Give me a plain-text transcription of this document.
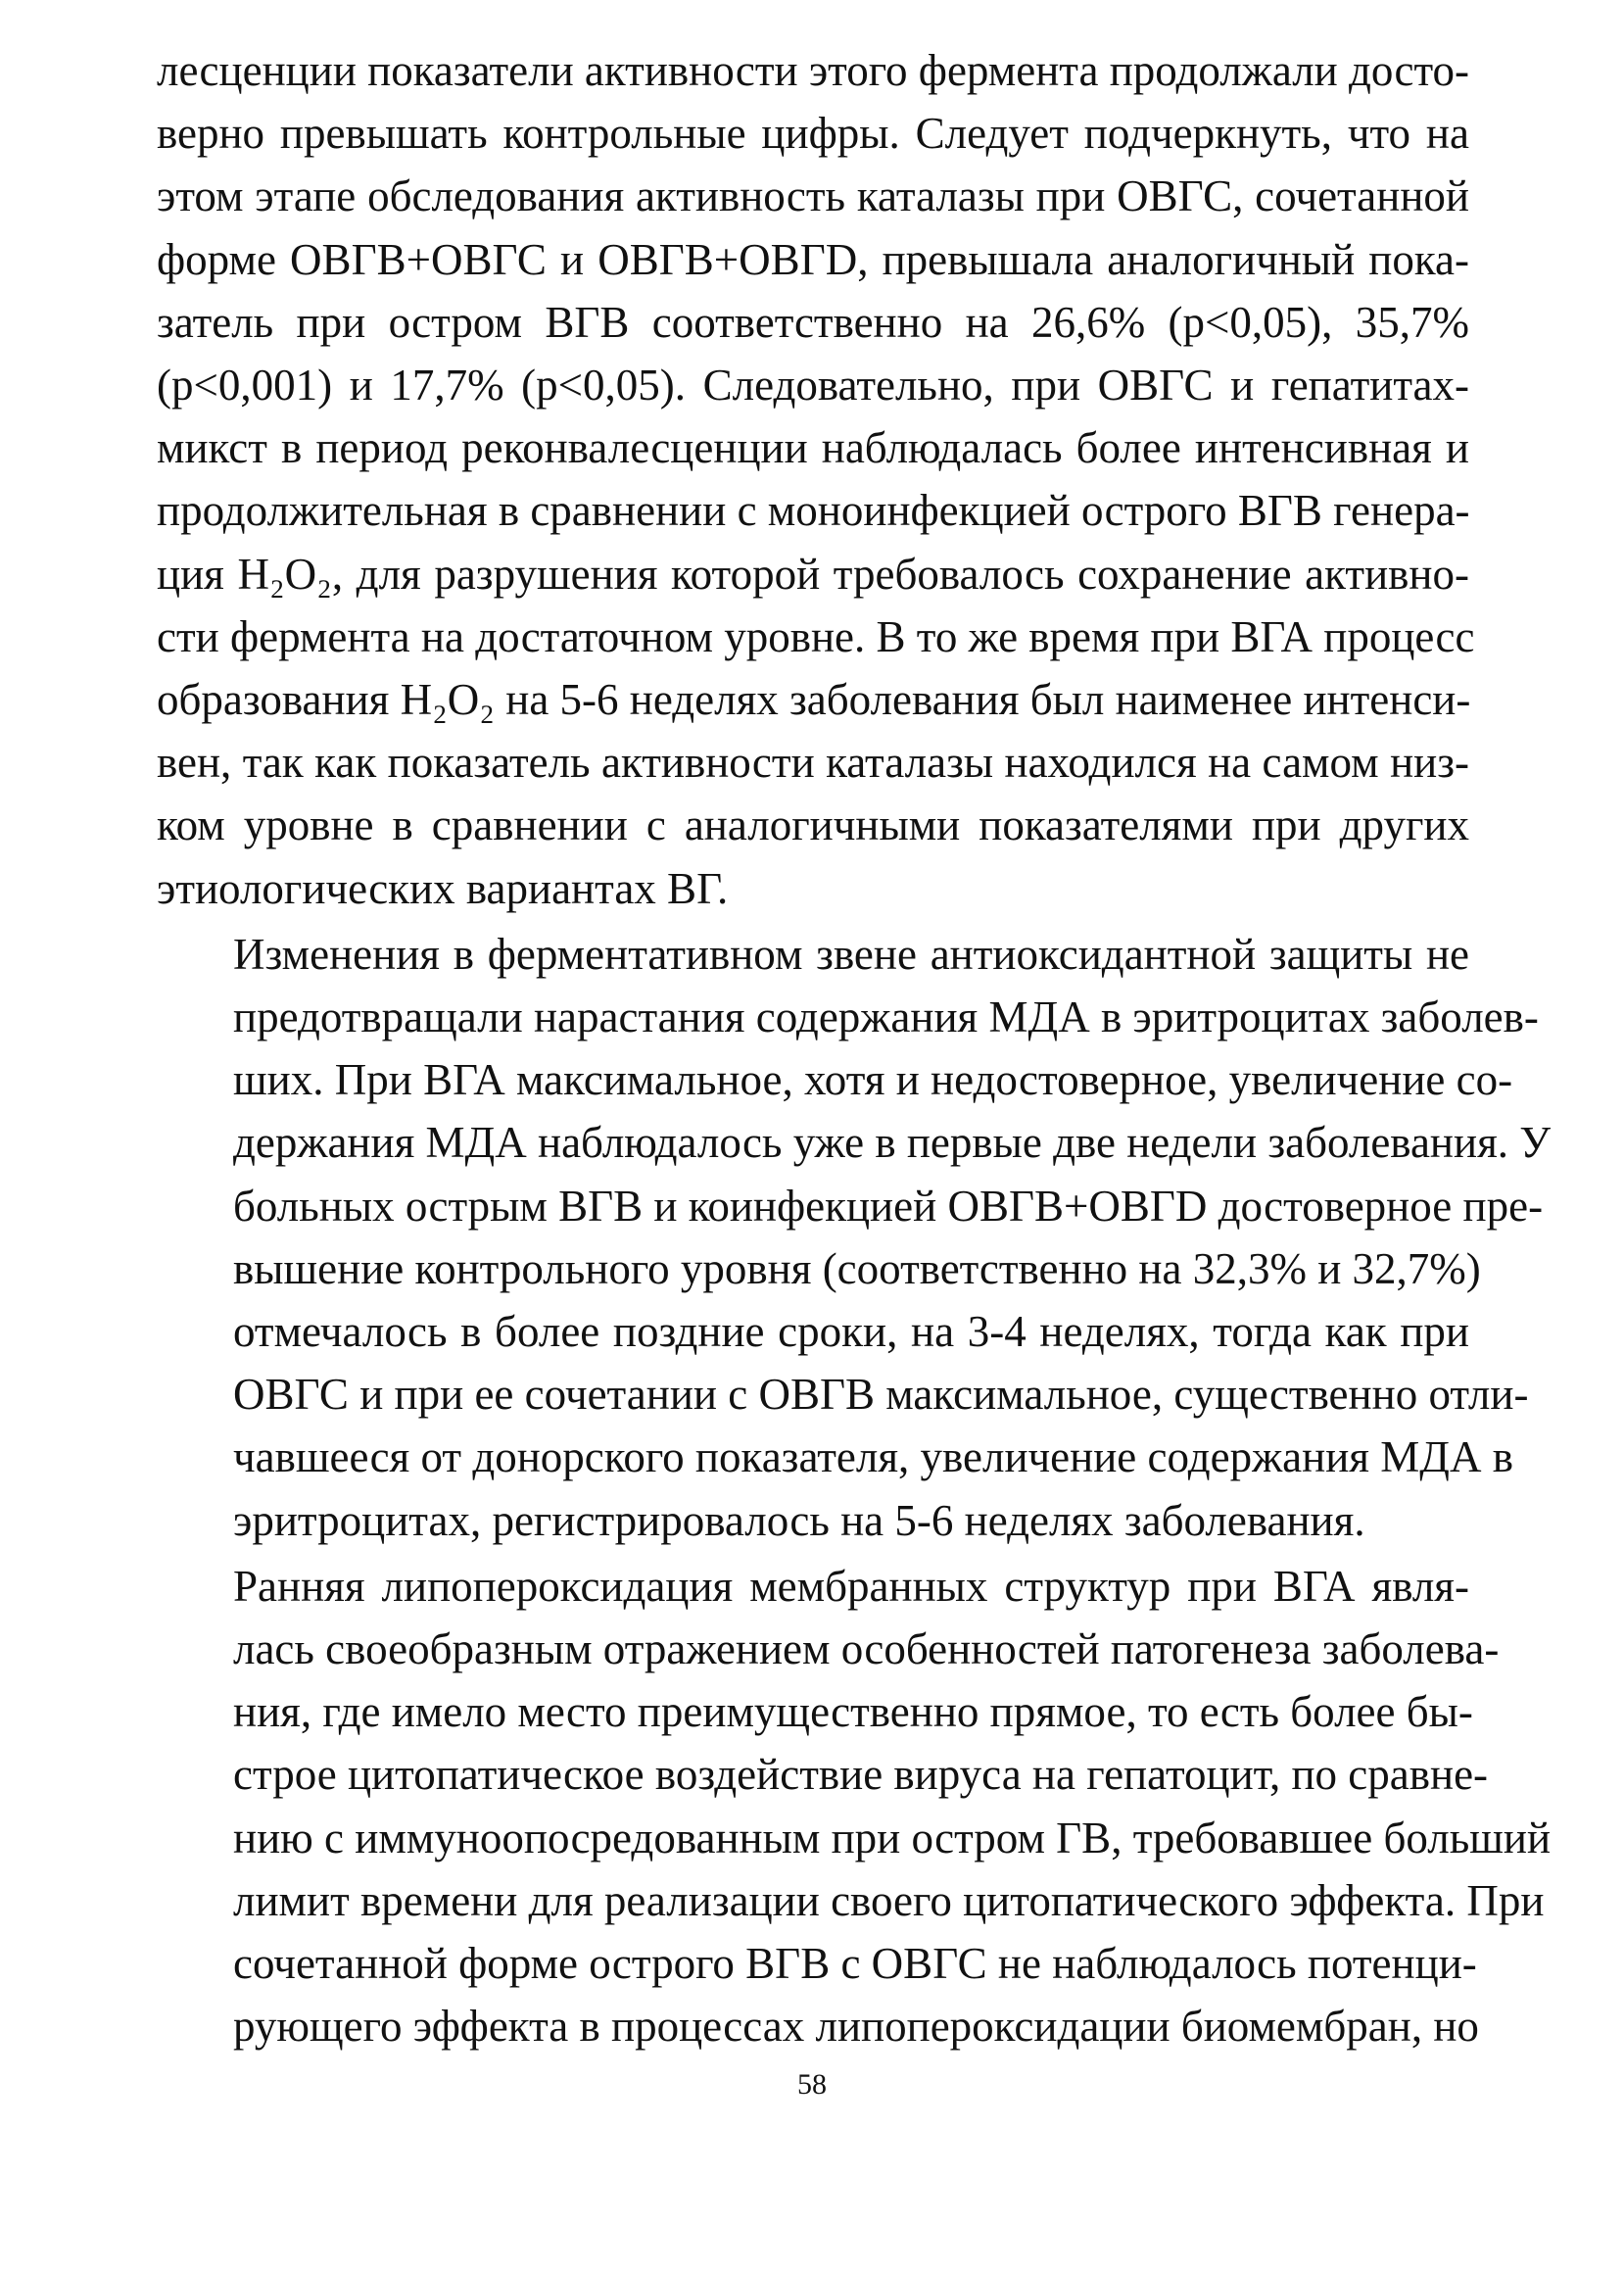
лесценции показатели активности этого фермента продолжали досто-
верно превышать контрольные цифры. Следует подчеркнуть, что на
этом этапе обследования активность каталазы при ОВГС, сочетанной
форме ОВГВ+ОВГС и ОВГВ+ОВГD, превышала аналогичный пока-
затель при остром ВГВ соответственно на 26,6% (р<0,05), 35,7%
(р<0,001) и 17,7% (р<0,05). Следовательно, при ОВГС и гепатитах-
микст в период реконвалесценции наблюдалась более интенсивная и
продолжительная в сравнении с моноинфекцией острого ВГВ генера-
ция H₂O₂, для разрушения которой требовалось сохранение активно-
сти фермента на достаточном уровне. В то же время при ВГА процесс
образования H₂O₂ на 5-6 неделях заболевания был наименее интенси-
вен, так как показатель активности каталазы находился на самом низ-
ком уровне в сравнении с аналогичными показателями при других
этиологических вариантах ВГ.

Изменения в ферментативном звене антиоксидантной защиты не
предотвращали нарастания содержания МДА в эритроцитах заболев-
ших. При ВГА максимальное, хотя и недостоверное, увеличение со-
держания МДА наблюдалось уже в первые две недели заболевания. У
больных острым ВГВ и коинфекцией ОВГВ+ОВГD достоверное пре-
вышение контрольного уровня (соответственно на 32,3% и 32,7%)
отмечалось в более поздние сроки, на 3-4 неделях, тогда как при
ОВГС и при ее сочетании с ОВГВ максимальное, существенно отли-
чавшееся от донорского показателя, увеличение содержания МДА в
эритроцитах, регистрировалось на 5-6 неделях заболевания.

Ранняя липопероксидация мембранных структур при ВГА явля-
лась своеобразным отражением особенностей патогенеза заболева-
ния, где имело место преимущественно прямое, то есть более бы-
строе цитопатическое воздействие вируса на гепатоцит, по сравне-
нию с иммуноопосредованным при остром ГВ, требовавшее больший
лимит времени для реализации своего цитопатического эффекта. При
сочетанной форме острого ВГВ с ОВГС не наблюдалось потенци-
рующего эффекта в процессах липопероксидации биомембран, но

58
